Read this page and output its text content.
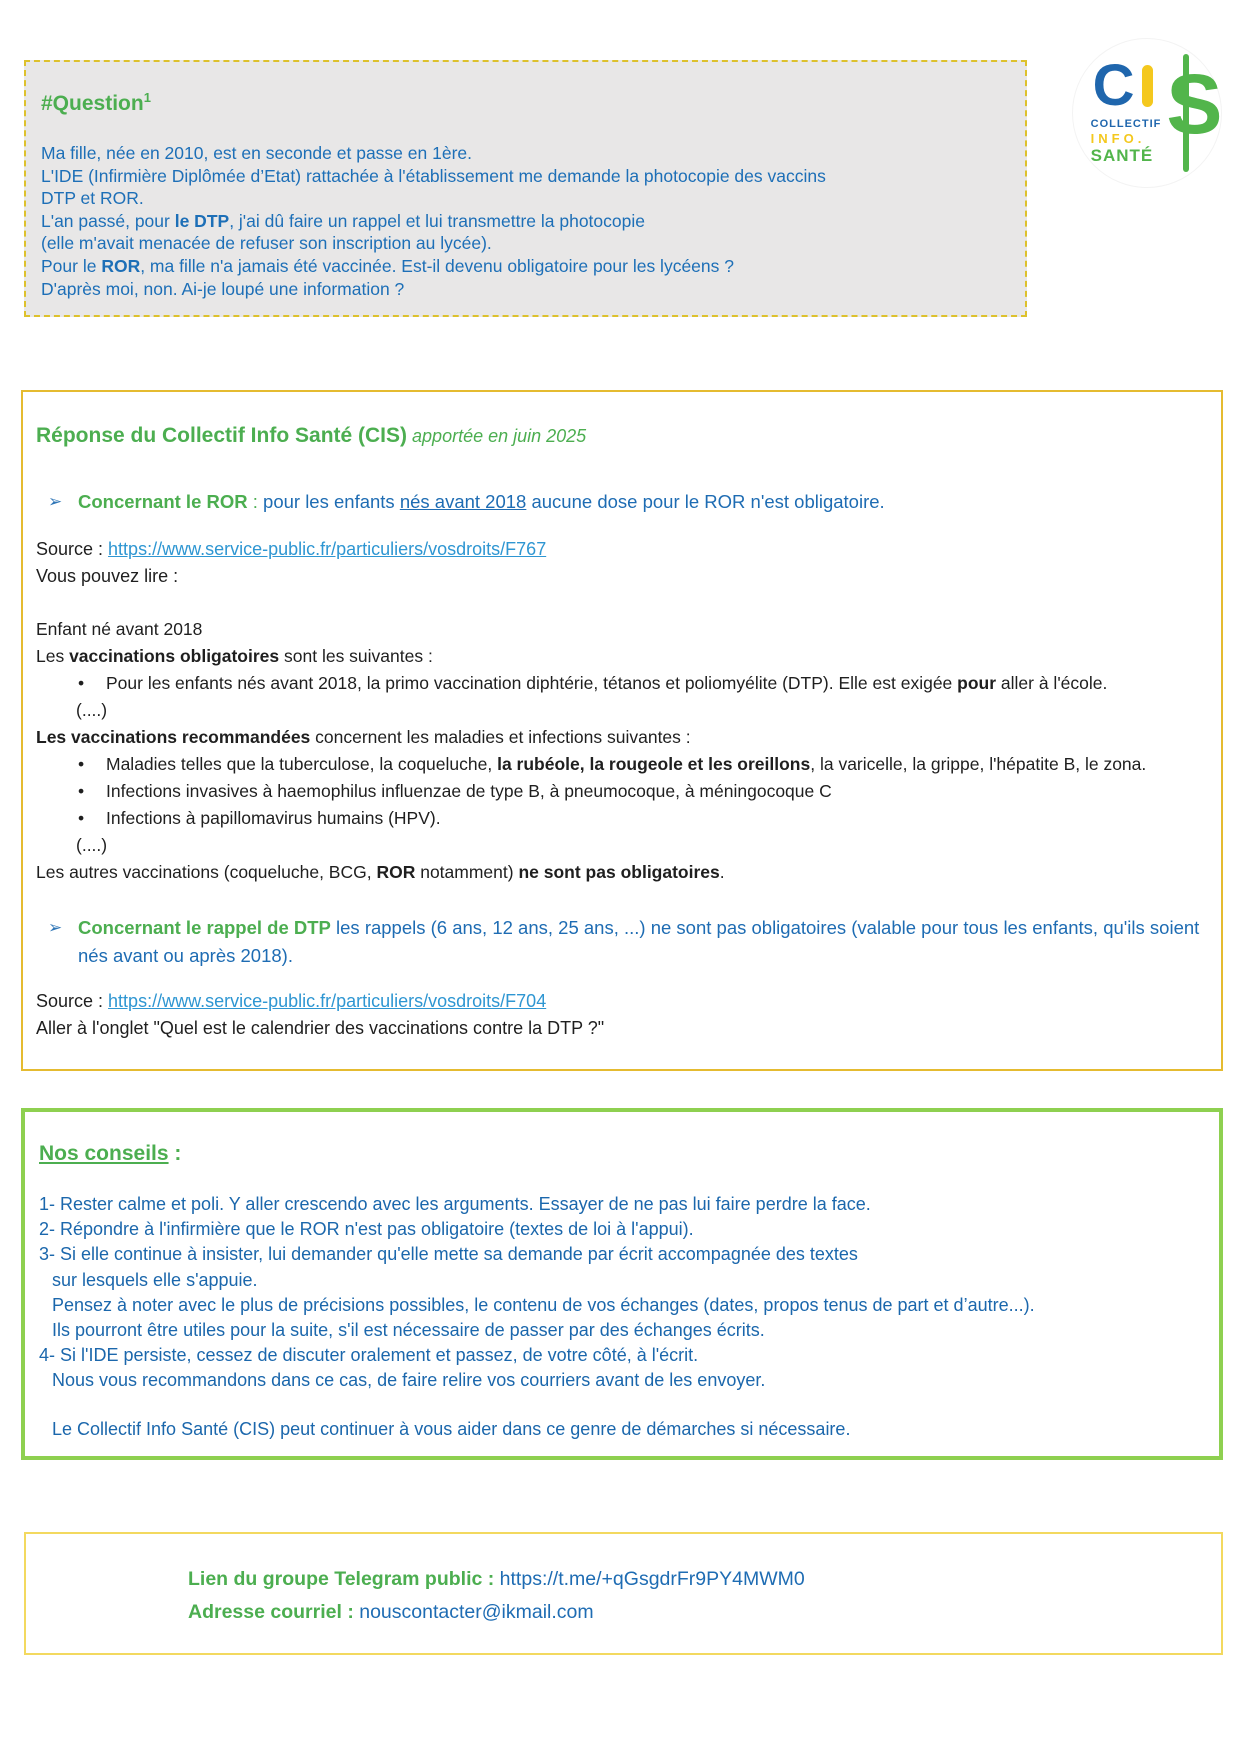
#Question$^1$
Ma fille, née en 2010, est en seconde et passe en 1ère.
L'IDE (Infirmière Diplômée d’Etat) rattachée à l'établissement me demande la photocopie des vaccins
DTP et ROR.
L'an passé, pour le DTP, j'ai dû faire un rappel et lui transmettre la photocopie
(elle m'avait menacée de refuser son inscription au lycée).
Pour le ROR, ma fille n'a jamais été vaccinée. Est-il devenu obligatoire pour les lycéens ?
D'après moi, non. Ai-je loupé une information ?
C
COLLECTIF
INFO.
SANTÉ
S
Réponse du Collectif Info Santé (CIS) apportée en juin 2025
➢ Concernant le ROR : pour les enfants nés avant 2018 aucune dose pour le ROR n'est obligatoire.
Source : https://www.service-public.fr/particuliers/vosdroits/F767
Vous pouvez lire :
Enfant né avant 2018
Les vaccinations obligatoires sont les suivantes :
• Pour les enfants nés avant 2018, la primo vaccination diphtérie, tétanos et poliomyélite (DTP). Elle est exigée pour aller à l'école.
(....)
Les vaccinations recommandées concernent les maladies et infections suivantes :
• Maladies telles que la tuberculose, la coqueluche, la rubéole, la rougeole et les oreillons, la varicelle, la grippe, l'hépatite B, le zona.
• Infections invasives à haemophilus influenzae de type B, à pneumocoque, à méningocoque C
• Infections à papillomavirus humains (HPV).
(....)
Les autres vaccinations (coqueluche, BCG, ROR notamment) ne sont pas obligatoires.
➢ Concernant le rappel de DTP les rappels (6 ans, 12 ans, 25 ans, ...) ne sont pas obligatoires (valable pour tous les enfants, qu'ils soient nés avant ou après 2018).
Source : https://www.service-public.fr/particuliers/vosdroits/F704
Aller à l'onglet "Quel est le calendrier des vaccinations contre la DTP ?"
Nos conseils :
1- Rester calme et poli. Y aller crescendo avec les arguments. Essayer de ne pas lui faire perdre la face.
2- Répondre à l'infirmière que le ROR n'est pas obligatoire (textes de loi à l'appui).
3- Si elle continue à insister, lui demander qu'elle mette sa demande par écrit accompagnée des textes
sur lesquels elle s'appuie.
Pensez à noter avec le plus de précisions possibles, le contenu de vos échanges (dates, propos tenus de part et d’autre...).
Ils pourront être utiles pour la suite, s'il est nécessaire de passer par des échanges écrits.
4- Si l'IDE persiste, cessez de discuter oralement et passez, de votre côté, à l'écrit.
Nous vous recommandons dans ce cas, de faire relire vos courriers avant de les envoyer.
Le Collectif Info Santé (CIS) peut continuer à vous aider dans ce genre de démarches si nécessaire.
Lien du groupe Telegram public : https://t.me/+qGsgdrFr9PY4MWM0
Adresse courriel : nouscontacter@ikmail.com
